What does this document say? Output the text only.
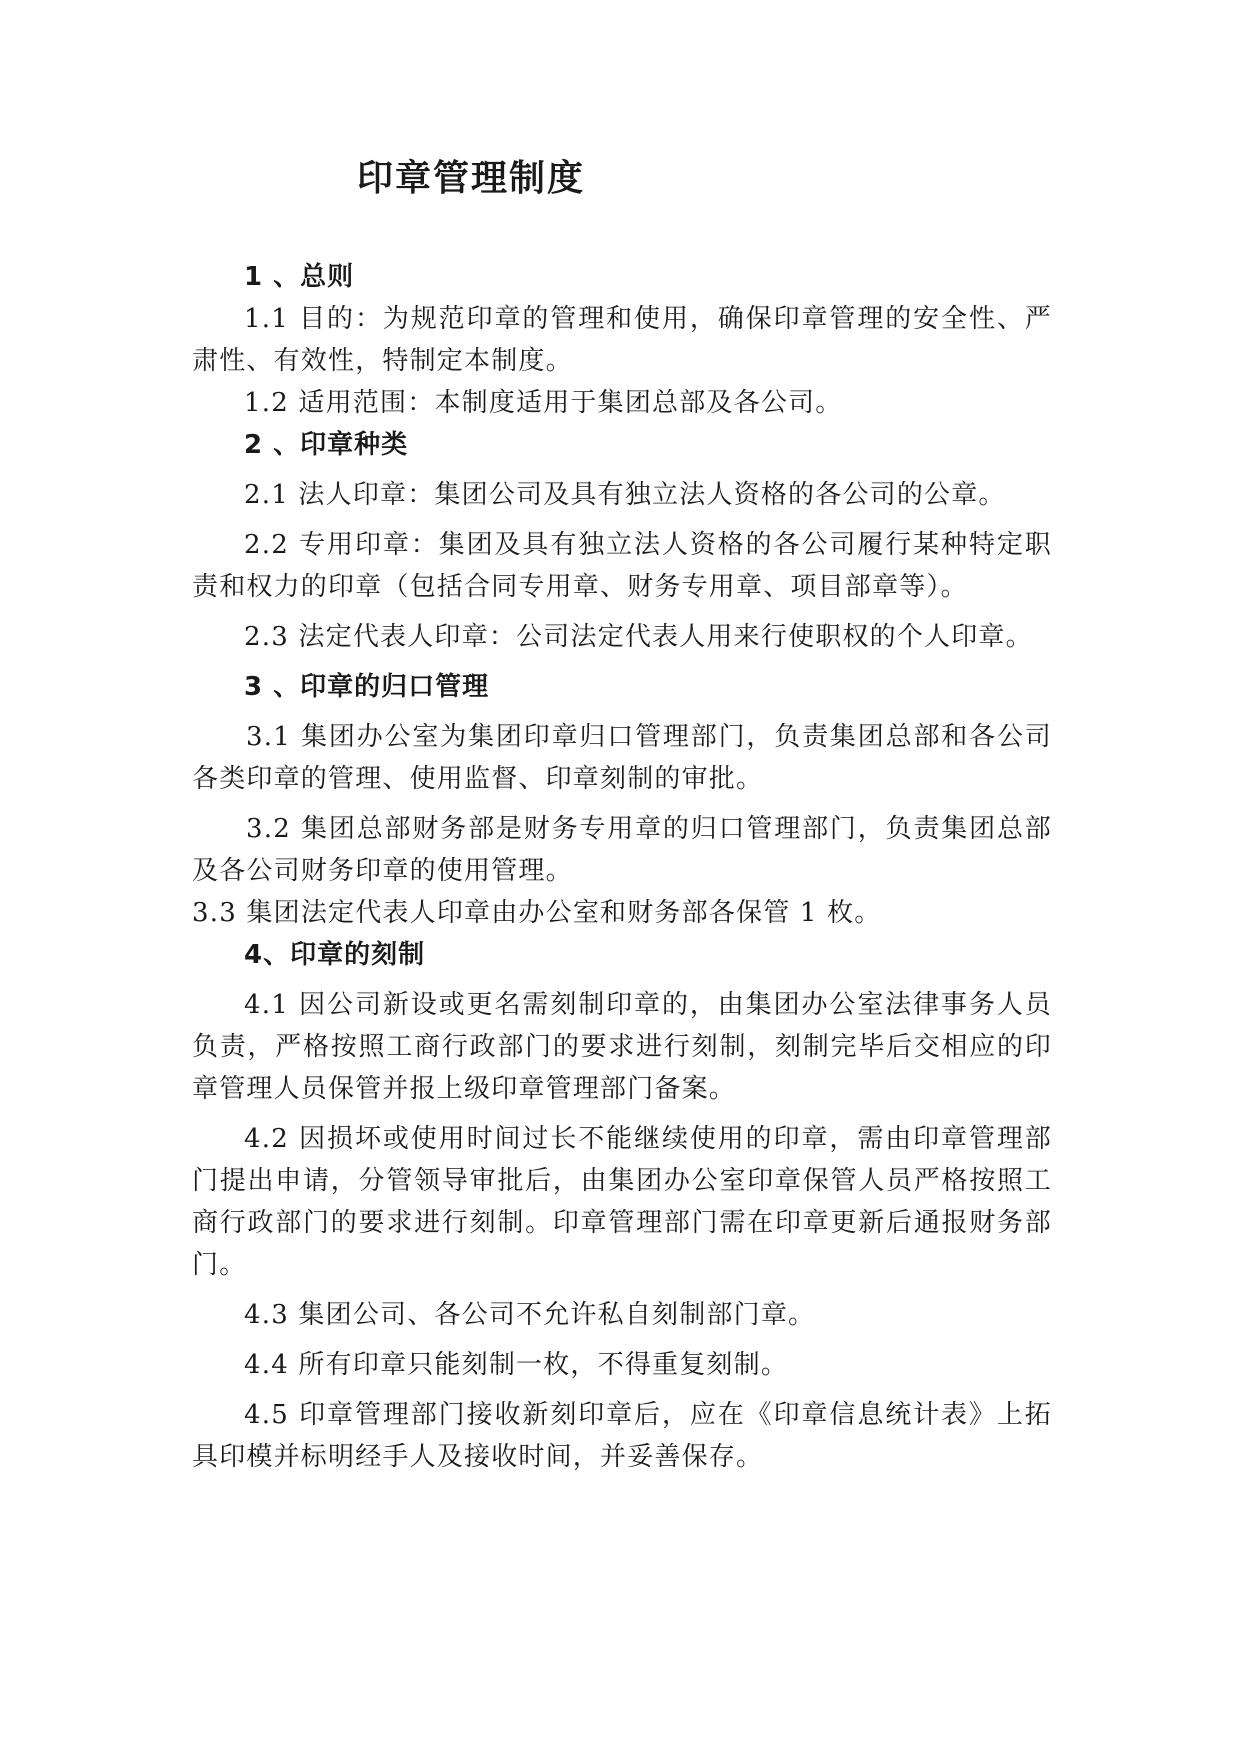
印章管理制度

1 、总则

1.1 目的：为规范印章的管理和使用，确保印章管理的安全性、严肃性、有效性，特制定本制度。

1.2 适用范围：本制度适用于集团总部及各公司。

2 、印章种类

2.1 法人印章：集团公司及具有独立法人资格的各公司的公章。

2.2 专用印章：集团及具有独立法人资格的各公司履行某种特定职责和权力的印章（包括合同专用章、财务专用章、项目部章等）。

2.3 法定代表人印章：公司法定代表人用来行使职权的个人印章。

3 、印章的归口管理

3.1 集团办公室为集团印章归口管理部门，负责集团总部和各公司各类印章的管理、使用监督、印章刻制的审批。

3.2 集团总部财务部是财务专用章的归口管理部门，负责集团总部及各公司财务印章的使用管理。

3.3 集团法定代表人印章由办公室和财务部各保管 1 枚。

4、印章的刻制

4.1 因公司新设或更名需刻制印章的，由集团办公室法律事务人员负责，严格按照工商行政部门的要求进行刻制，刻制完毕后交相应的印章管理人员保管并报上级印章管理部门备案。

4.2 因损坏或使用时间过长不能继续使用的印章，需由印章管理部门提出申请，分管领导审批后，由集团办公室印章保管人员严格按照工商行政部门的要求进行刻制。印章管理部门需在印章更新后通报财务部门。

4.3 集团公司、各公司不允许私自刻制部门章。

4.4 所有印章只能刻制一枚，不得重复刻制。

4.5 印章管理部门接收新刻印章后，应在《印章信息统计表》上拓具印模并标明经手人及接收时间，并妥善保存。
